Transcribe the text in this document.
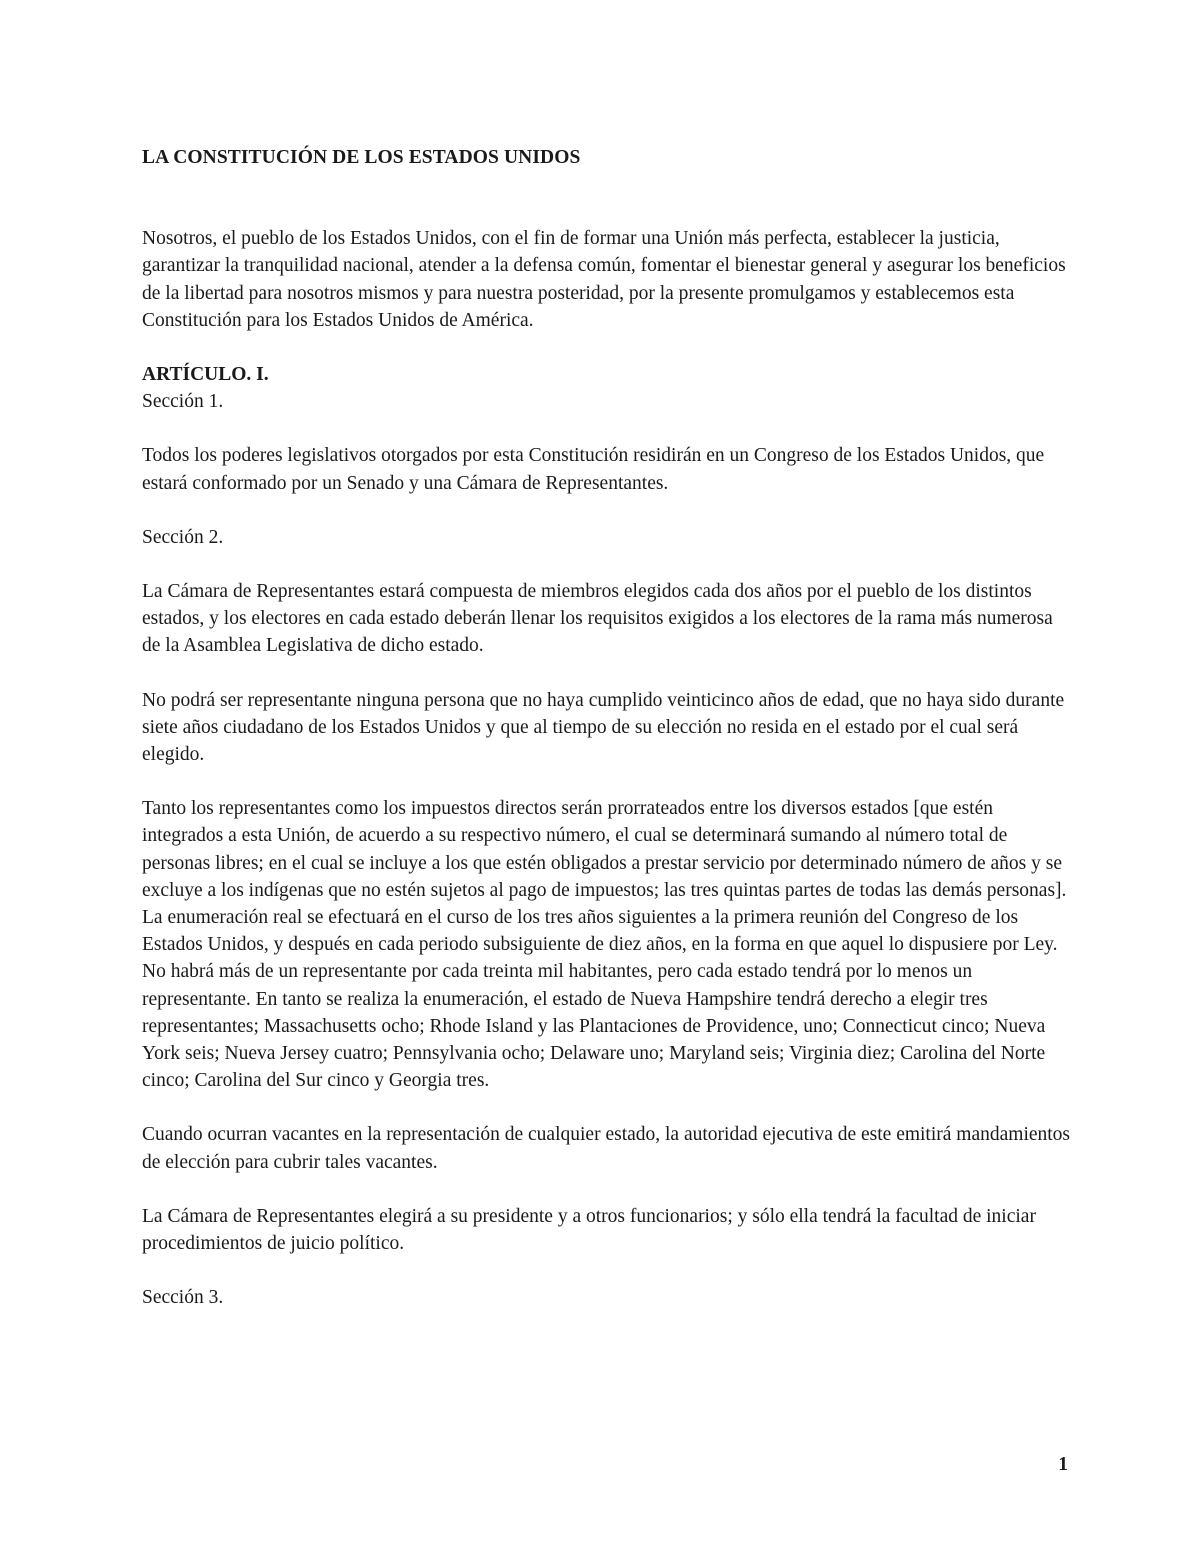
LA CONSTITUCIÓN DE LOS ESTADOS UNIDOS
Nosotros, el pueblo de los Estados Unidos, con el fin de formar una Unión más perfecta, establecer la justicia, garantizar la tranquilidad nacional, atender a la defensa común, fomentar el bienestar general y asegurar los beneficios de la libertad para nosotros mismos y para nuestra posteridad, por la presente promulgamos y establecemos esta Constitución para los Estados Unidos de América.
ARTÍCULO. I.
Sección 1.
Todos los poderes legislativos otorgados por esta Constitución residirán en un Congreso de los Estados Unidos, que estará conformado por un Senado y una Cámara de Representantes.
Sección 2.
La Cámara de Representantes estará compuesta de miembros elegidos cada dos años por el pueblo de los distintos estados, y los electores en cada estado deberán llenar los requisitos exigidos a los electores de la rama más numerosa de la Asamblea Legislativa de dicho estado.
No podrá ser representante ninguna persona que no haya cumplido veinticinco años de edad, que no haya sido durante siete años ciudadano de los Estados Unidos y que al tiempo de su elección no resida en el estado por el cual será elegido.
Tanto los representantes como los impuestos directos serán prorrateados entre los diversos estados [que estén integrados a esta Unión, de acuerdo a su respectivo número, el cual se determinará sumando al número total de personas libres; en el cual se incluye a los que estén obligados a prestar servicio por determinado número de años y se excluye a los indígenas que no estén sujetos al pago de impuestos; las tres quintas partes de todas las demás personas]. La enumeración real se efectuará en el curso de los tres años siguientes a la primera reunión del Congreso de los Estados Unidos, y después en cada periodo subsiguiente de diez años, en la forma en que aquel lo dispusiere por Ley. No habrá más de un representante por cada treinta mil habitantes, pero cada estado tendrá por lo menos un representante. En tanto se realiza la enumeración, el estado de Nueva Hampshire tendrá derecho a elegir tres representantes; Massachusetts ocho; Rhode Island y las Plantaciones de Providence, uno; Connecticut cinco; Nueva York seis; Nueva Jersey cuatro; Pennsylvania ocho; Delaware uno; Maryland seis; Virginia diez; Carolina del Norte cinco; Carolina del Sur cinco y Georgia tres.
Cuando ocurran vacantes en la representación de cualquier estado, la autoridad ejecutiva de este emitirá mandamientos de elección para cubrir tales vacantes.
La Cámara de Representantes elegirá a su presidente y a otros funcionarios; y sólo ella tendrá la facultad de iniciar procedimientos de juicio político.
Sección 3.
1
